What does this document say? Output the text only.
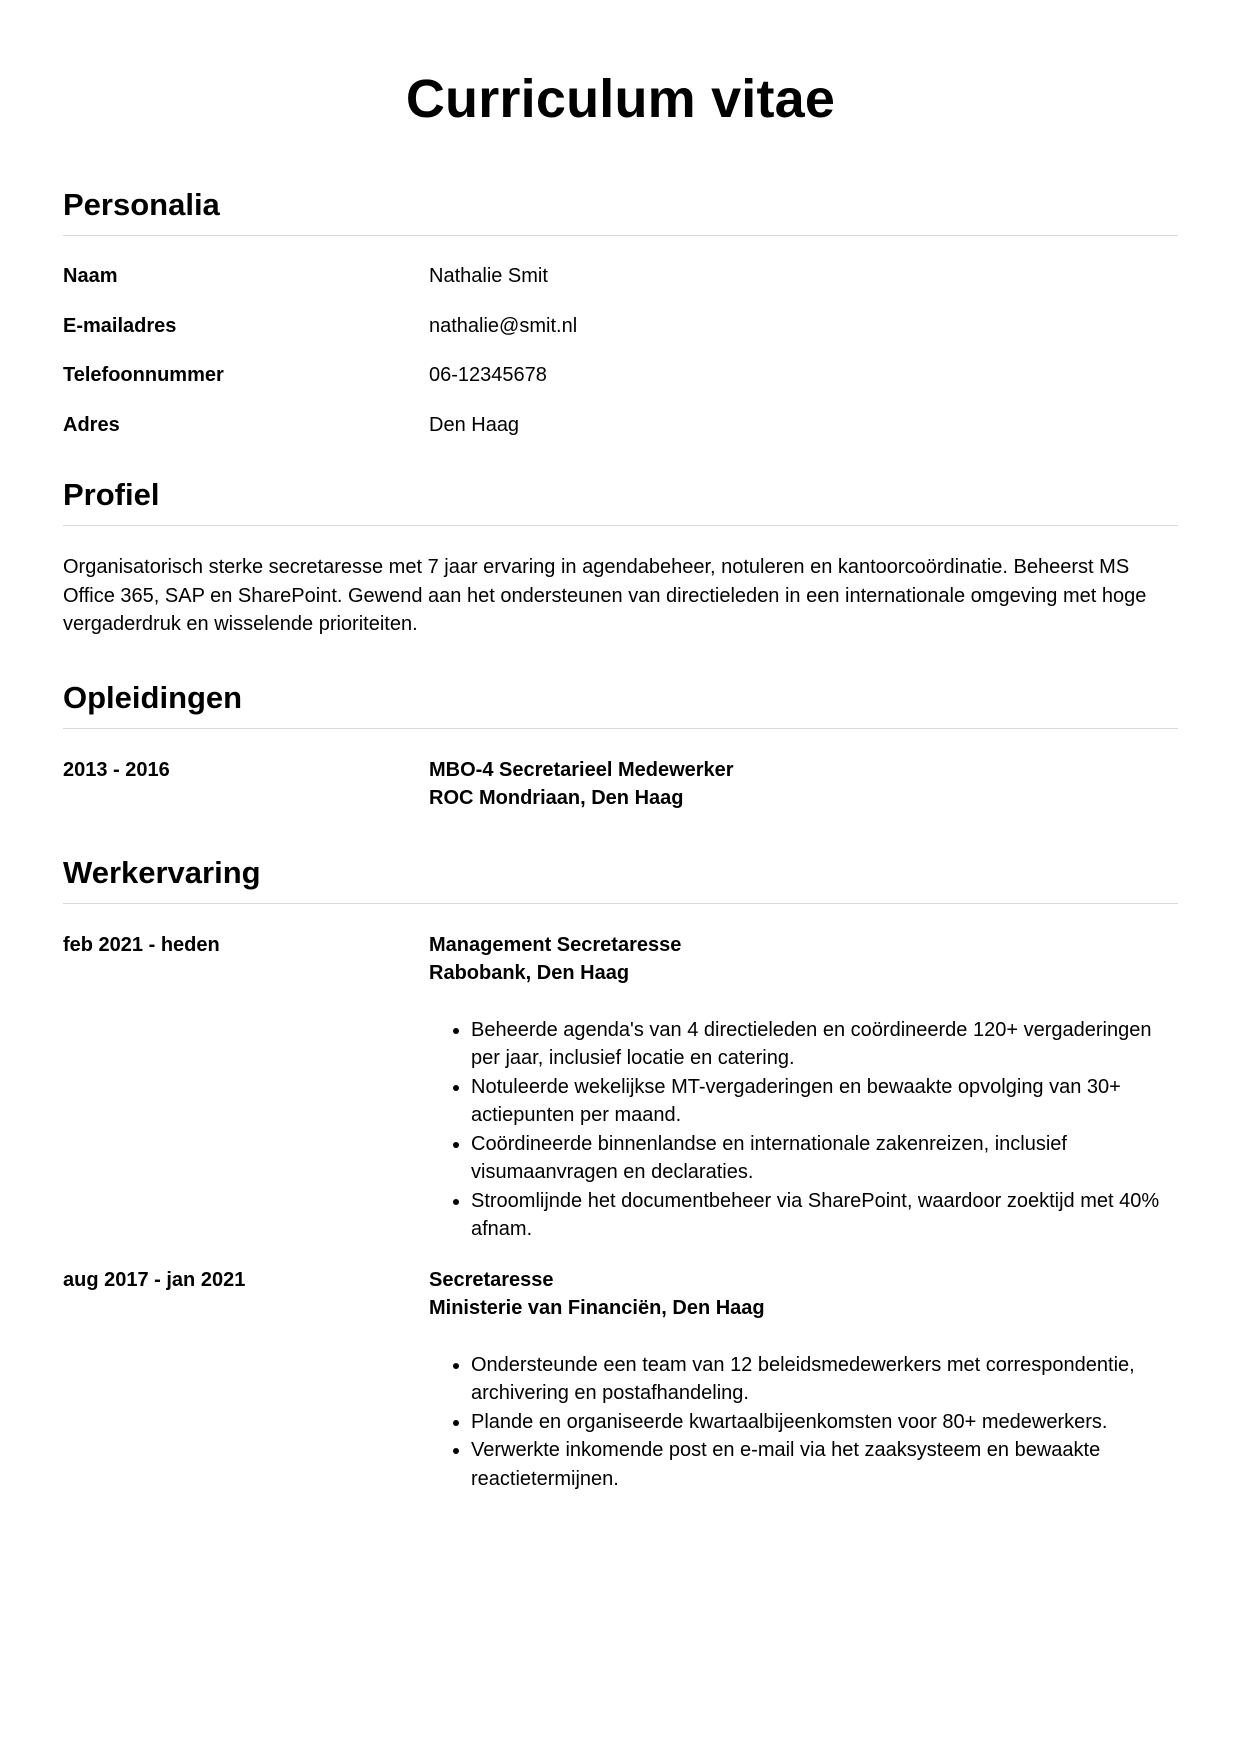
Curriculum vitae
Personalia
Naam	Nathalie Smit
E-mailadres	nathalie@smit.nl
Telefoonnummer	06-12345678
Adres	Den Haag
Profiel

Organisatorisch sterke secretaresse met 7 jaar ervaring in agendabeheer, notuleren en kantoorcoördinatie. Beheerst MS Office 365, SAP en SharePoint. Gewend aan het ondersteunen van directieleden in een internationale omgeving met hoge vergaderdruk en wisselende prioriteiten.

Opleidingen
2013 - 2016	MBO-4 Secretarieel Medewerker
ROC Mondriaan, Den Haag
Werkervaring
feb 2021 - heden	Management Secretaresse
Rabobank, Den Haag
• Beheerde agenda's van 4 directieleden en coördineerde 120+ vergaderingen per jaar, inclusief locatie en catering.
• Notuleerde wekelijkse MT-vergaderingen en bewaakte opvolging van 30+ actiepunten per maand.
• Coördineerde binnenlandse en internationale zakenreizen, inclusief visumaanvragen en declaraties.
• Stroomlijnde het documentbeheer via SharePoint, waardoor zoektijd met 40% afnam.
aug 2017 - jan 2021	Secretaresse
Ministerie van Financiën, Den Haag
• Ondersteunde een team van 12 beleidsmedewerkers met correspondentie, archivering en postafhandeling.
• Plande en organiseerde kwartaalbijeenkomsten voor 80+ medewerkers.
• Verwerkte inkomende post en e-mail via het zaaksysteem en bewaakte reactietermijnen.
